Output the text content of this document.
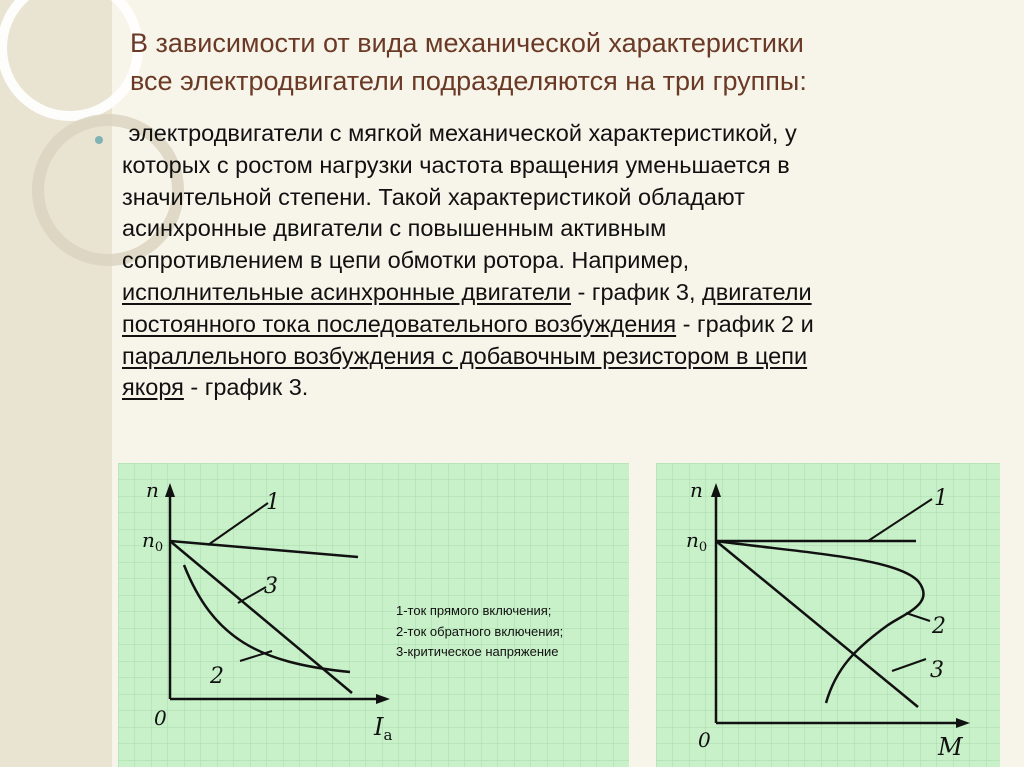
В зависимости от вида механической характеристики
все электродвигатели подразделяются на три группы:
электродвигатели с мягкой механической характеристикой, у
которых с ростом нагрузки частота вращения уменьшается в
значительной степени. Такой характеристикой обладают
асинхронные двигатели с повышенным активным
сопротивлением в цепи обмотки ротора. Например,
исполнительные асинхронные двигатели - график 3, двигатели
постоянного тока последовательного возбуждения - график 2 и
параллельного возбуждения с добавочным резистором в цепи
якоря - график 3.
n
$n_0$
0	$I_a$
1
3
2
1-ток прямого включения;
2-ток обратного включения;
3-критическое напряжение
n
$n_0$
0	M
1
2
3
